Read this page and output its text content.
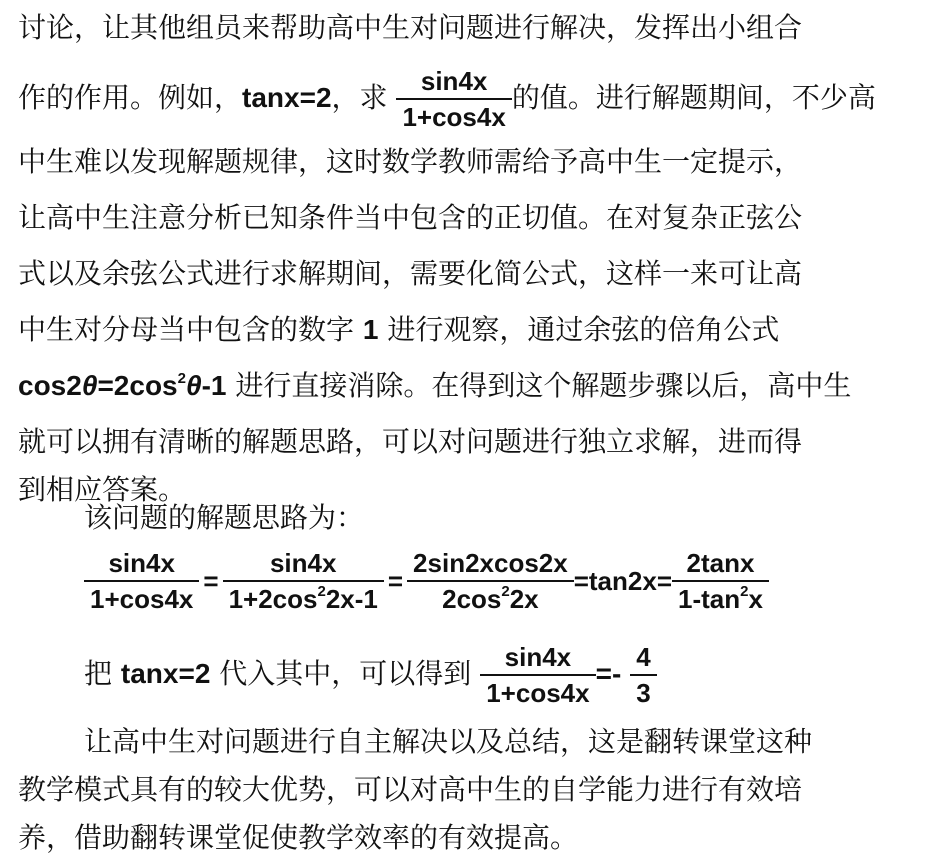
讨论，让其他组员来帮助高中生对问题进行解决，发挥出小组合
作的作用。例如，tanx=2，求 $\frac{\sin 4x}{1+\cos 4x}$ 的值。进行解题期间，不少高
中生难以发现解题规律，这时数学教师需给予高中生一定提示，
让高中生注意分析已知条件当中包含的正切值。在对复杂正弦公
式以及余弦公式进行求解期间，需要化简公式，这样一来可让高
中生对分母当中包含的数字 1 进行观察，通过余弦的倍角公式
$\cos 2\theta=2\cos^2\theta-1$ 进行直接消除。在得到这个解题步骤以后，高中生
就可以拥有清晰的解题思路，可以对问题进行独立求解，进而得
到相应答案。
该问题的解题思路为：
$\frac{\sin 4x}{1+\cos 4x} = \frac{\sin 4x}{1+2\cos^22x-1} = \frac{2\sin 2xcos2x}{2\cos^22x} =\tan 2x= \frac{2\tan x}{1-\tan^2x}$
把 tanx=2 代入其中，可以得到 $\frac{\sin 4x}{1+\cos 4x} =- \frac{4}{3}$
让高中生对问题进行自主解决以及总结，这是翻转课堂这种
教学模式具有的较大优势，可以对高中生的自学能力进行有效培
养，借助翻转课堂促使教学效率的有效提高。
